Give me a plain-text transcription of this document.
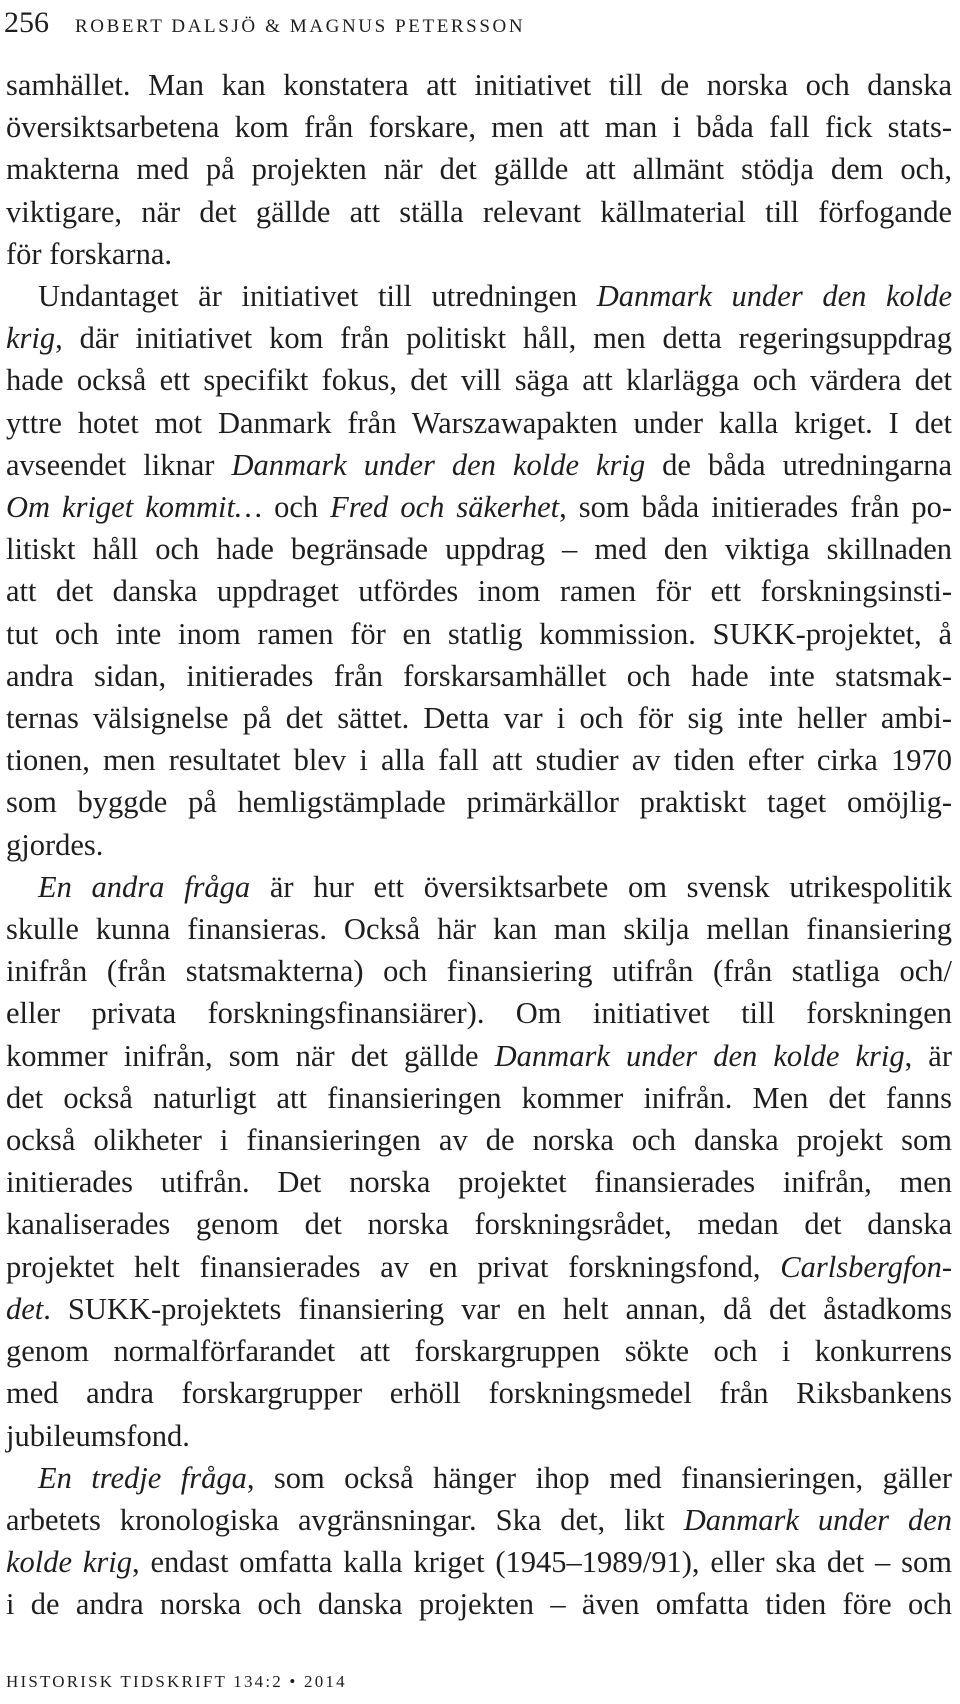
256 ROBERT DALSJÖ & MAGNUS PETERSSON
samhället. Man kan konstatera att initiativet till de norska och danska
översiktsarbetena kom från forskare, men att man i båda fall fick stats-
makterna med på projekten när det gällde att allmänt stödja dem och,
viktigare, när det gällde att ställa relevant källmaterial till förfogande
för forskarna.
Undantaget är initiativet till utredningen Danmark under den kolde
krig, där initiativet kom från politiskt håll, men detta regeringsuppdrag
hade också ett specifikt fokus, det vill säga att klarlägga och värdera det
yttre hotet mot Danmark från Warszawapakten under kalla kriget. I det
avseendet liknar Danmark under den kolde krig de båda utredningarna
Om kriget kommit… och Fred och säkerhet, som båda initierades från po-
litiskt håll och hade begränsade uppdrag – med den viktiga skillnaden
att det danska uppdraget utfördes inom ramen för ett forskningsinsti-
tut och inte inom ramen för en statlig kommission. SUKK-projektet, å
andra sidan, initierades från forskarsamhället och hade inte statsmak-
ternas välsignelse på det sättet. Detta var i och för sig inte heller ambi-
tionen, men resultatet blev i alla fall att studier av tiden efter cirka 1970
som byggde på hemligstämplade primärkällor praktiskt taget omöjlig-
gjordes.
En andra fråga är hur ett översiktsarbete om svensk utrikespolitik
skulle kunna finansieras. Också här kan man skilja mellan finansiering
inifrån (från statsmakterna) och finansiering utifrån (från statliga och/
eller privata forskningsfinansiärer). Om initiativet till forskningen
kommer inifrån, som när det gällde Danmark under den kolde krig, är
det också naturligt att finansieringen kommer inifrån. Men det fanns
också olikheter i finansieringen av de norska och danska projekt som
initierades utifrån. Det norska projektet finansierades inifrån, men
kanaliserades genom det norska forskningsrådet, medan det danska
projektet helt finansierades av en privat forskningsfond, Carlsbergfon-
det. SUKK-projektets finansiering var en helt annan, då det åstadkoms
genom normalförfarandet att forskargruppen sökte och i konkurrens
med andra forskargrupper erhöll forskningsmedel från Riksbankens
jubileumsfond.
En tredje fråga, som också hänger ihop med finansieringen, gäller
arbetets kronologiska avgränsningar. Ska det, likt Danmark under den
kolde krig, endast omfatta kalla kriget (1945–1989/91), eller ska det – som
i de andra norska och danska projekten – även omfatta tiden före och
HISTORISK TIDSKRIFT 134:2 • 2014
